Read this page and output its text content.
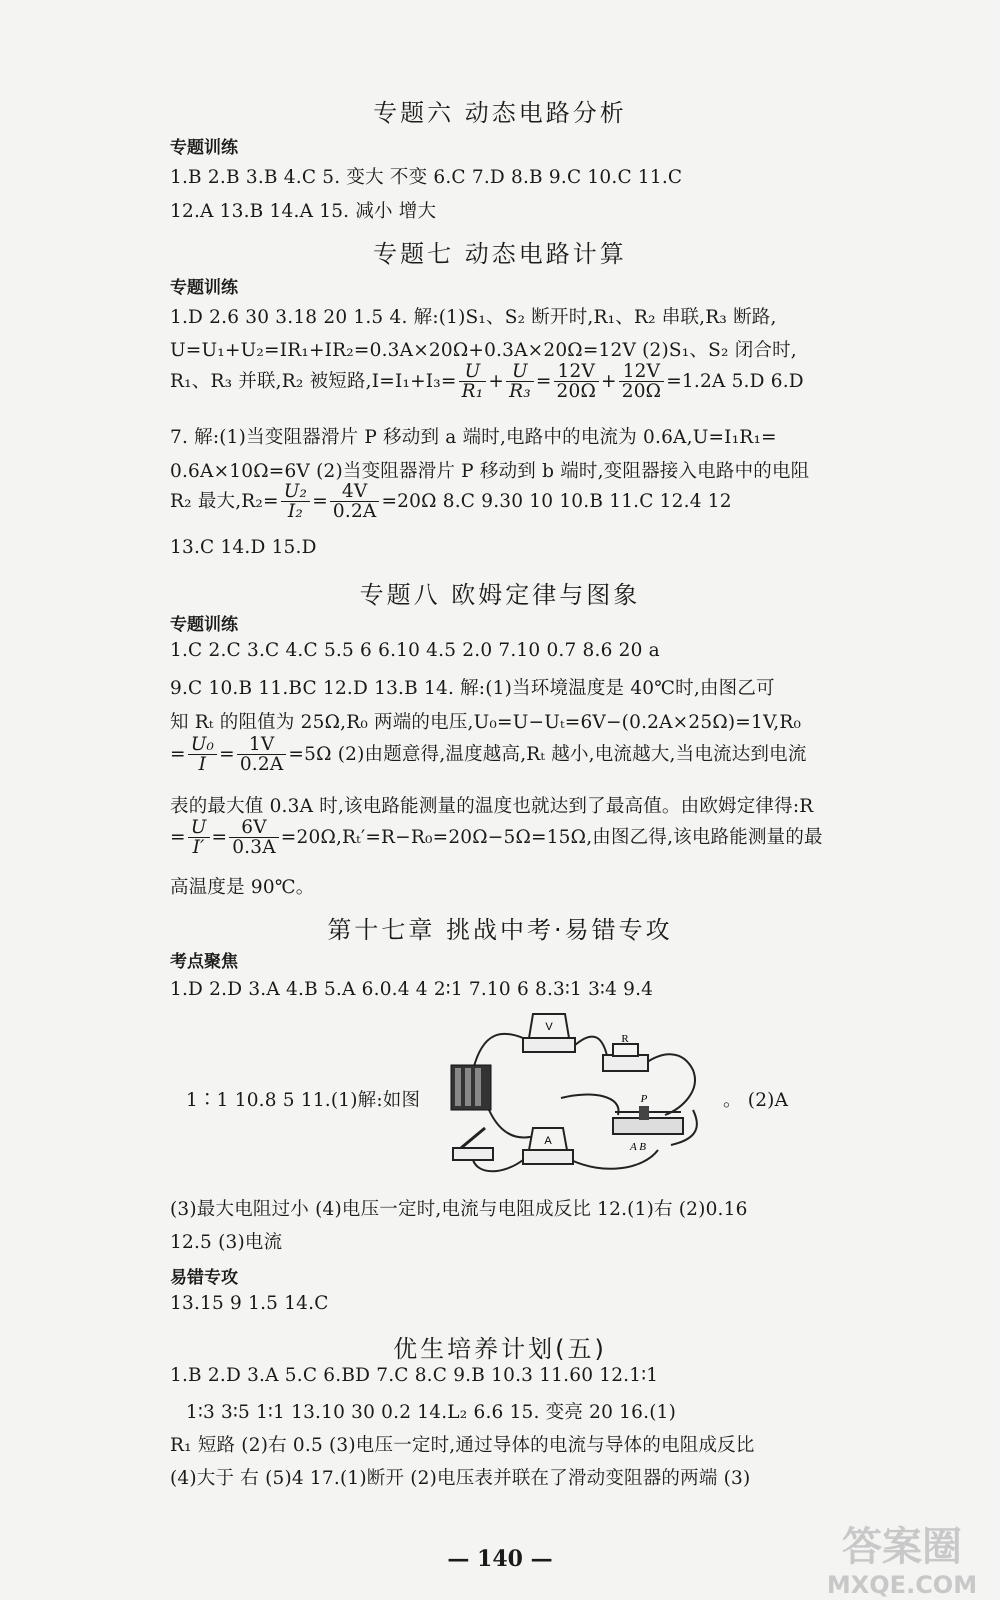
专题六 动态电路分析
专题训练
1.B 2.B 3.B 4.C 5. 变大 不变 6.C 7.D 8.B 9.C 10.C 11.C
12.A 13.B 14.A 15. 减小 增大
专题七 动态电路计算
专题训练
1.D 2.6 30 3.18 20 1.5 4. 解:(1)S₁、S₂ 断开时,R₁、R₂ 串联,R₃ 断路,
U=U₁+U₂=IR₁+IR₂=0.3A×20Ω+0.3A×20Ω=12V (2)S₁、S₂ 闭合时,
R₁、R₃ 并联,R₂ 被短路$,I=I_1+I_3= \frac{U}{\text{R₁}} + \frac{U}{\text{R₃}} = \frac{12V}{20\Omega} + \frac{12V}{20\Omega} =1.2A$ 5.D 6.D
7. 解:(1)当变阻器滑片 P 移动到 a 端时,电路中的电流为 0.6A,U=I₁R₁=
0.6A×10Ω=6V (2)当变阻器滑片 P 移动到 b 端时,变阻器接入电路中的电阻
R₂ 最大$,R_2= \frac{\text{U₂}}{\text{I₂}} = \frac{4V}{0.2A} =20\Omega$ 8.C 9.30 10 10.B 11.C 12.4 12
13.C 14.D 15.D
专题八 欧姆定律与图象
专题训练
1.C 2.C 3.C 4.C 5.5 6 6.10 4.5 2.0 7.10 0.7 8.6 20 a
9.C 10.B 11.BC 12.D 13.B 14. 解:(1)当环境温度是 40℃时,由图乙可
知 Rₜ 的阻值为 25Ω,R₀ 两端的电压,U₀=U−Uₜ=6V−(0.2A×25Ω)=1V,R₀
= $\frac{\text{U₀}}{I} = \frac{1V}{0.2A} =5\Omega$ (2)由题意得,温度越高,Rₜ 越小,电流越大,当电流达到电流
表的最大值 0.3A 时,该电路能测量的温度也就达到了最高值。由欧姆定律得:R
= $\frac{U}{I'} = \frac{6V}{0.3A} =20\Omega,R_t'=R-R_0=20\Omega-5\Omega=15\Omega$,由图乙得,该电路能测量的最
高温度是 90℃。
第十七章 挑战中考·易错专攻
考点聚焦
1.D 2.D 3.A 4.B 5.A 6.0.4 4 2∶1 7.10 6 8.3∶1 3∶4 9.4
1∶1 10.8 5 11.(1)解:如图
V
R
A
P
A B
。 (2)A
(3)最大电阻过小 (4)电压一定时,电流与电阻成反比 12.(1)右 (2)0.16
12.5 (3)电流
易错专攻
13.15 9 1.5 14.C
优生培养计划(五)
1.B 2.D 3.A 5.C 6.BD 7.C 8.C 9.B 10.3 11.60 12.1∶1
1∶3 3∶5 1∶1 13.10 30 0.2 14.L₂ 6.6 15. 变亮 20 16.(1)
R₁ 短路 (2)右 0.5 (3)电压一定时,通过导体的电流与导体的电阻成反比
(4)大于 右 (5)4 17.(1)断开 (2)电压表并联在了滑动变阻器的两端 (3)
— 140 —	答案圈
MXQE.COM
